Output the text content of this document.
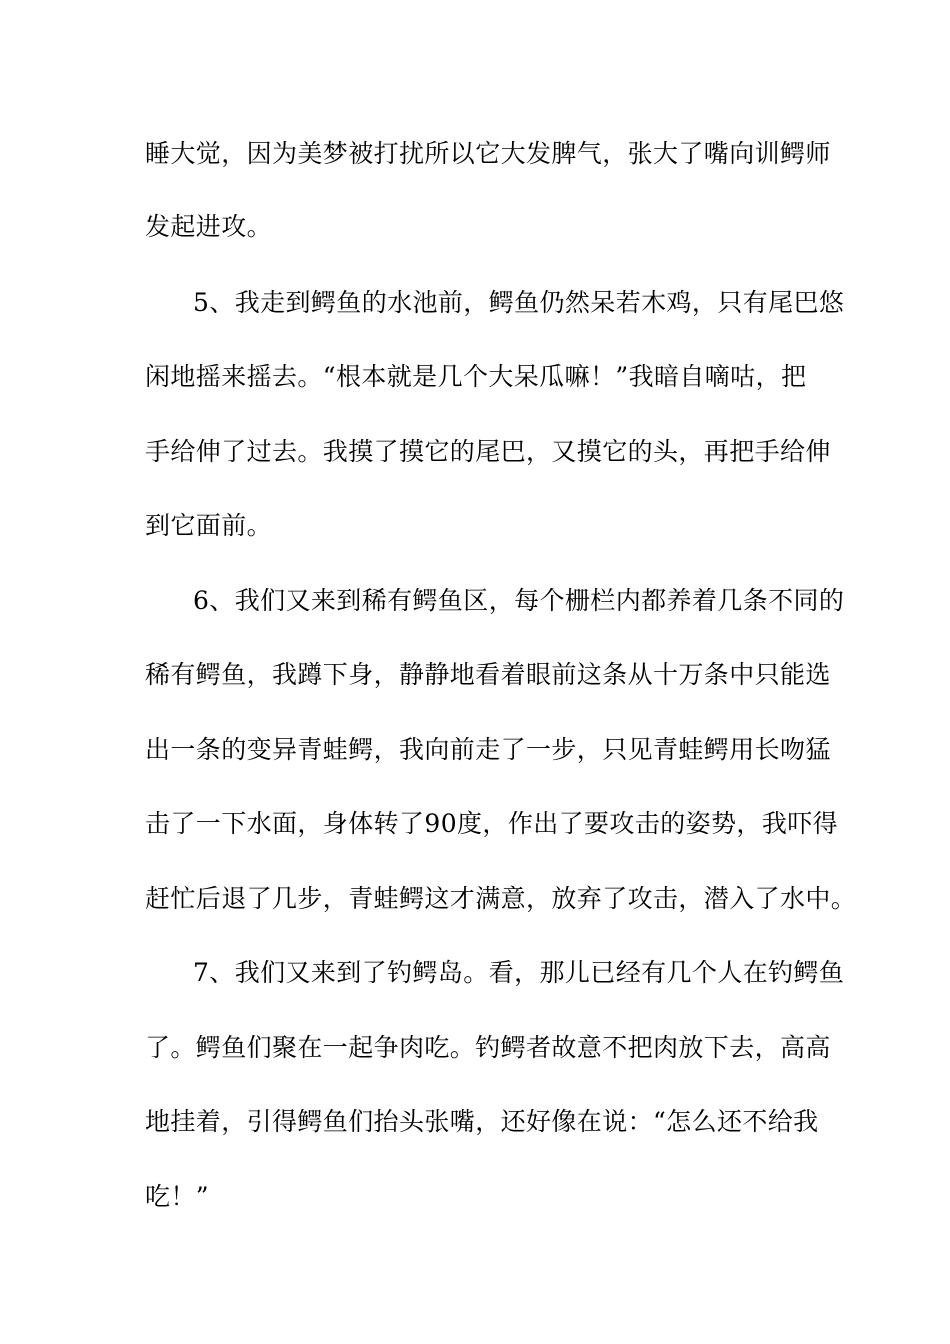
睡大觉，因为美梦被打扰所以它大发脾气，张大了嘴向训鳄师
发起进攻。
5、我走到鳄鱼的水池前，鳄鱼仍然呆若木鸡，只有尾巴悠
闲地摇来摇去。“根本就是几个大呆瓜嘛！”我暗自嘀咕，把
手给伸了过去。我摸了摸它的尾巴，又摸它的头，再把手给伸
到它面前。
6、我们又来到稀有鳄鱼区，每个栅栏内都养着几条不同的
稀有鳄鱼，我蹲下身，静静地看着眼前这条从十万条中只能选
出一条的变异青蛙鳄，我向前走了一步，只见青蛙鳄用长吻猛
击了一下水面，身体转了90度，作出了要攻击的姿势，我吓得
赶忙后退了几步，青蛙鳄这才满意，放弃了攻击，潜入了水中。
7、我们又来到了钓鳄岛。看，那儿已经有几个人在钓鳄鱼
了。鳄鱼们聚在一起争肉吃。钓鳄者故意不把肉放下去，高高
地挂着，引得鳄鱼们抬头张嘴，还好像在说：“怎么还不给我
吃！”
